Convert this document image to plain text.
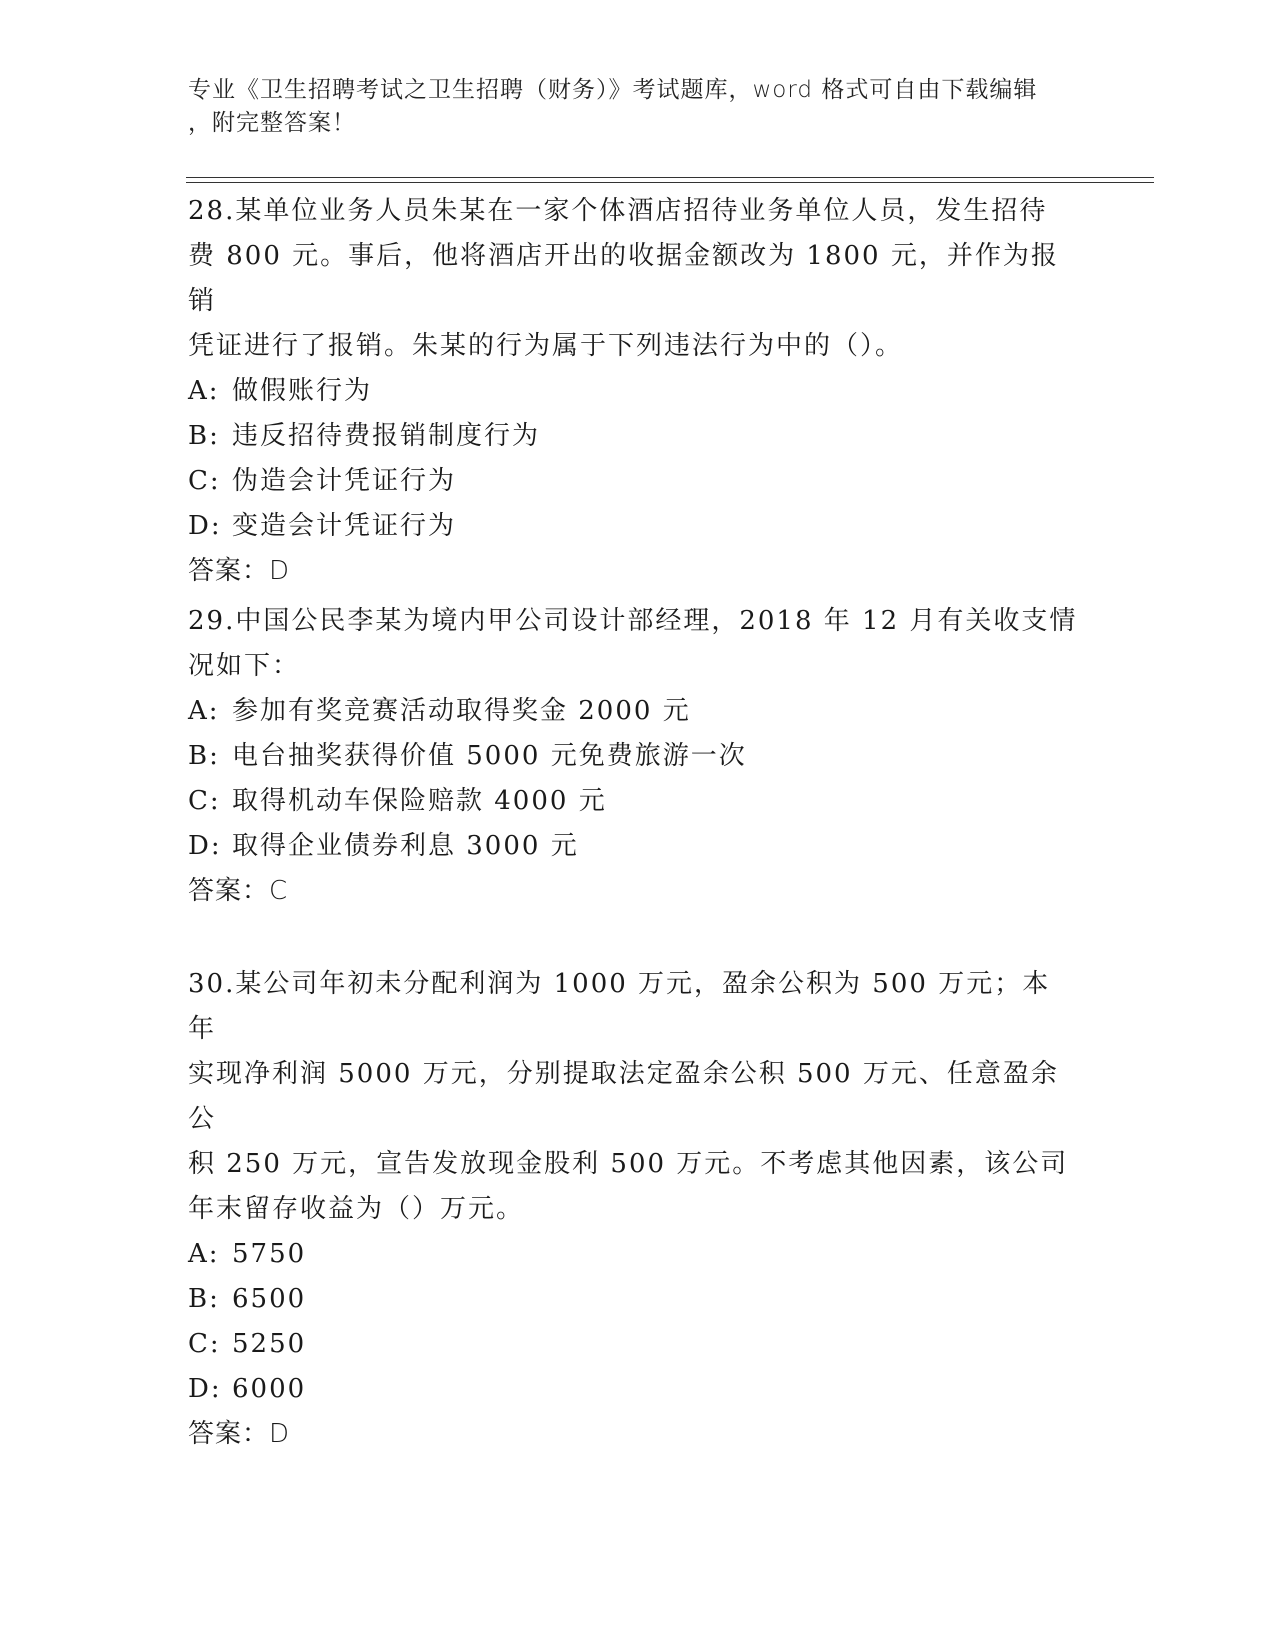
专业《卫生招聘考试之卫生招聘（财务）》考试题库，word 格式可自由下载编辑
，附完整答案！

28.某单位业务人员朱某在一家个体酒店招待业务单位人员，发生招待

费 800 元。事后，他将酒店开出的收据金额改为 1800 元，并作为报销

凭证进行了报销。朱某的行为属于下列违法行为中的（）。

A: 做假账行为

B: 违反招待费报销制度行为

C: 伪造会计凭证行为

D: 变造会计凭证行为

答案：D

29.中国公民李某为境内甲公司设计部经理，2018 年 12 月有关收支情

况如下：

A: 参加有奖竞赛活动取得奖金 2000 元

B: 电台抽奖获得价值 5000 元免费旅游一次

C: 取得机动车保险赔款 4000 元

D: 取得企业债券利息 3000 元

答案：C

30.某公司年初未分配利润为 1000 万元，盈余公积为 500 万元；本年

实现净利润 5000 万元，分别提取法定盈余公积 500 万元、任意盈余公

积 250 万元，宣告发放现金股利 500 万元。不考虑其他因素，该公司

年末留存收益为（）万元。

A: 5750

B: 6500

C: 5250

D: 6000

答案：D
